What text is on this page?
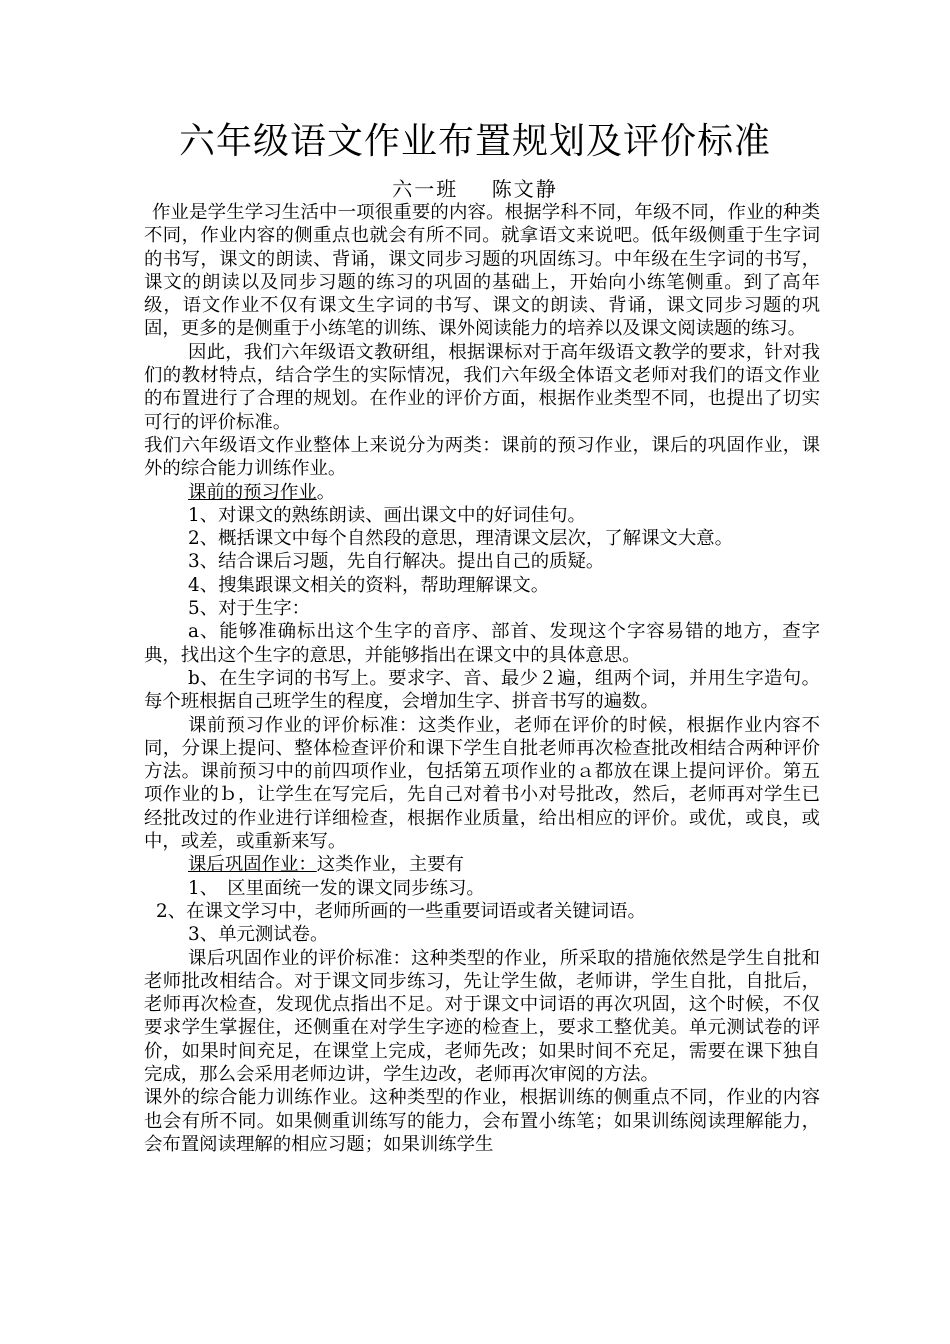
六年级语文作业布置规划及评价标准
六一班    陈文静

作业是学生学习生活中一项很重要的内容。根据学科不同，年级不同，作业的种类不同，作业内容的侧重点也就会有所不同。就拿语文来说吧。低年级侧重于生字词的书写，课文的朗读、背诵，课文同步习题的巩固练习。中年级在生字词的书写，课文的朗读以及同步习题的练习的巩固的基础上，开始向小练笔侧重。到了高年级，语文作业不仅有课文生字词的书写、课文的朗读、背诵，课文同步习题的巩固，更多的是侧重于小练笔的训练、课外阅读能力的培养以及课文阅读题的练习。

因此，我们六年级语文教研组，根据课标对于高年级语文教学的要求，针对我们的教材特点，结合学生的实际情况，我们六年级全体语文老师对我们的语文作业的布置进行了合理的规划。在作业的评价方面，根据作业类型不同，也提出了切实可行的评价标准。

我们六年级语文作业整体上来说分为两类：课前的预习作业，课后的巩固作业，课外的综合能力训练作业。

课前的预习作业。

1、对课文的熟练朗读、画出课文中的好词佳句。

2、概括课文中每个自然段的意思，理清课文层次，了解课文大意。

3、结合课后习题，先自行解决。提出自己的质疑。

4、搜集跟课文相关的资料，帮助理解课文。

5、对于生字：

a、能够准确标出这个生字的音序、部首、发现这个字容易错的地方，查字典，找出这个生字的意思，并能够指出在课文中的具体意思。

b、在生字词的书写上。要求字、音、最少２遍，组两个词，并用生字造句。每个班根据自己班学生的程度，会增加生字、拼音书写的遍数。

课前预习作业的评价标准：这类作业，老师在评价的时候，根据作业内容不同，分课上提问、整体检查评价和课下学生自批老师再次检查批改相结合两种评价方法。课前预习中的前四项作业，包括第五项作业的ａ都放在课上提问评价。第五项作业的ｂ，让学生在写完后，先自己对着书小对号批改，然后，老师再对学生已经批改过的作业进行详细检查，根据作业质量，给出相应的评价。或优，或良，或中，或差，或重新来写。

课后巩固作业：这类作业，主要有

1、　区里面统一发的课文同步练习。

2、在课文学习中，老师所画的一些重要词语或者关键词语。

3、单元测试卷。

课后巩固作业的评价标准：这种类型的作业，所采取的措施依然是学生自批和老师批改相结合。对于课文同步练习，先让学生做，老师讲，学生自批，自批后，老师再次检查，发现优点指出不足。对于课文中词语的再次巩固，这个时候，不仅要求学生掌握住，还侧重在对学生字迹的检查上，要求工整优美。单元测试卷的评价，如果时间充足，在课堂上完成，老师先改；如果时间不充足，需要在课下独自完成，那么会采用老师边讲，学生边改，老师再次审阅的方法。

课外的综合能力训练作业。这种类型的作业，根据训练的侧重点不同，作业的内容也会有所不同。如果侧重训练写的能力，会布置小练笔；如果训练阅读理解能力，会布置阅读理解的相应习题；如果训练学生
